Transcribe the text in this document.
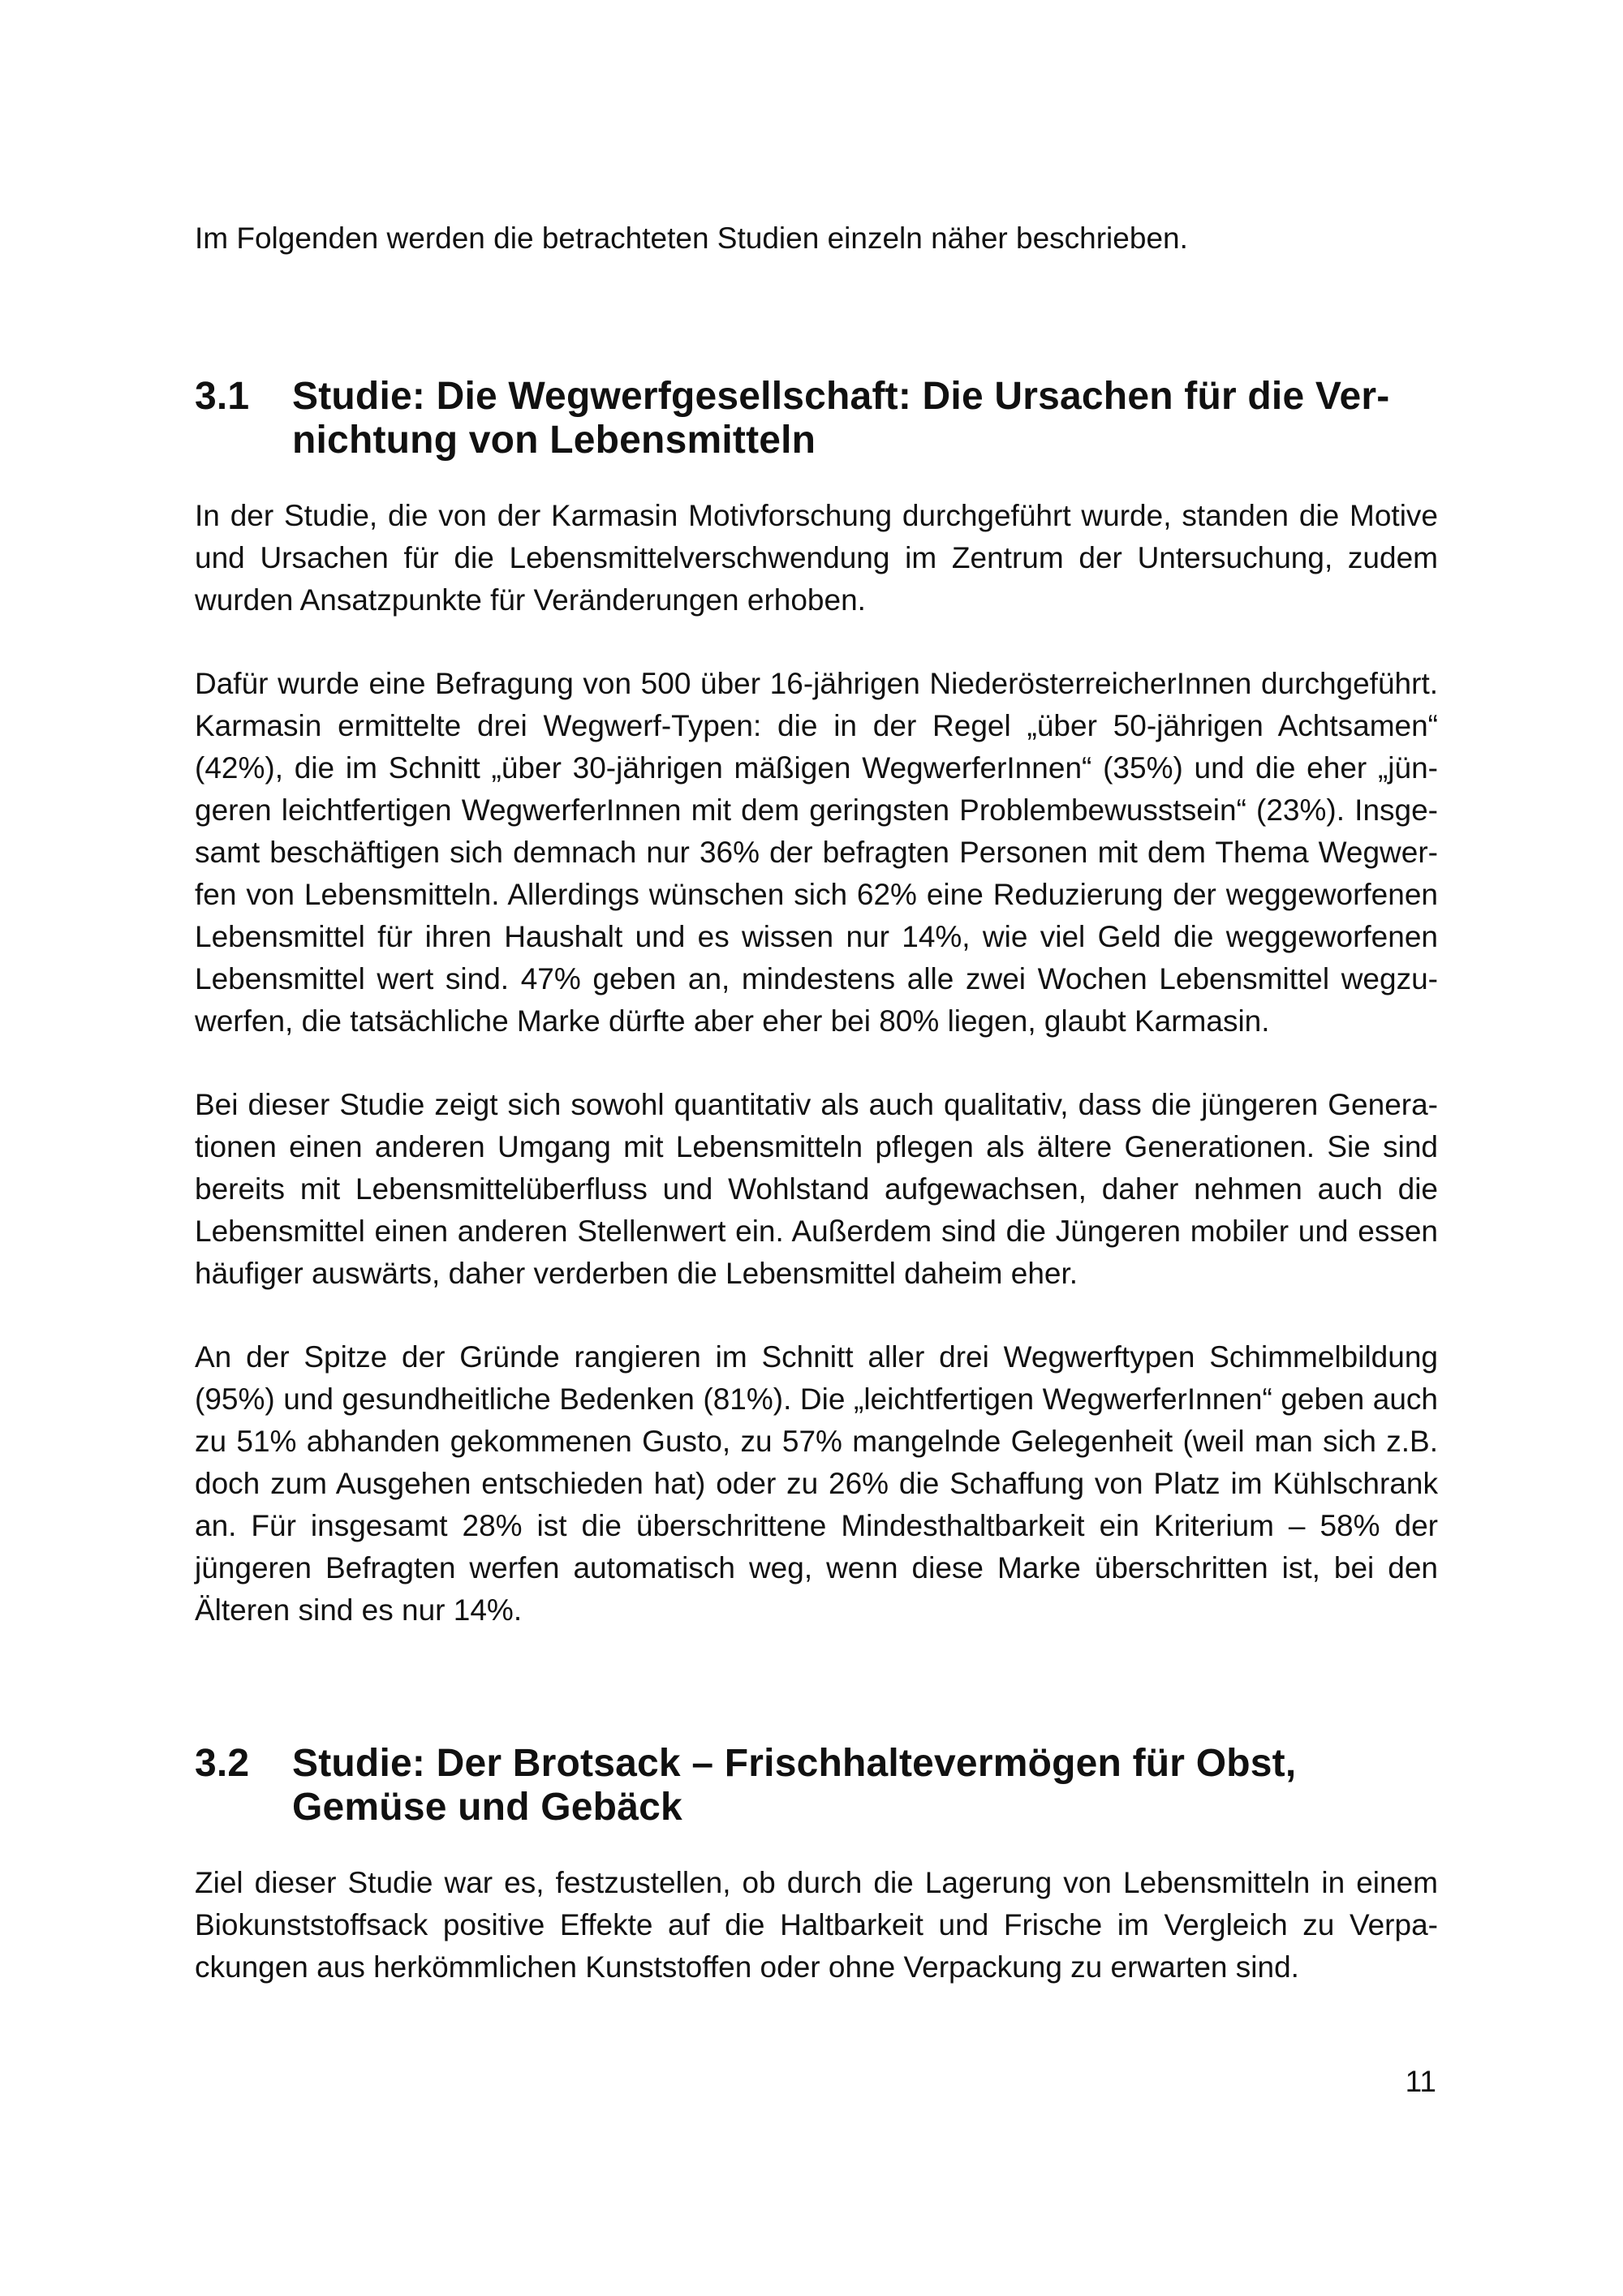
Im Folgenden werden die betrachteten Studien einzeln näher beschrieben.

3.1	Studie: Die Wegwerfgesellschaft: Die Ursachen für die Vernichtung von Lebensmitteln

In der Studie, die von der Karmasin Motivforschung durchgeführt wurde, standen die Motive und Ursachen für die Lebensmittelverschwendung im Zentrum der Untersuchung, zudem wurden Ansatzpunkte für Veränderungen erhoben.

Dafür wurde eine Befragung von 500 über 16-jährigen NiederösterreicherInnen durchgeführt. Karmasin ermittelte drei Wegwerf-Typen: die in der Regel „über 50-jährigen Achtsamen“ (42%), die im Schnitt „über 30-jährigen mäßigen WegwerferInnen“ (35%) und die eher „jüngeren leichtfertigen WegwerferInnen mit dem geringsten Problembewusstsein“ (23%). Insgesamt beschäftigen sich demnach nur 36% der befragten Personen mit dem Thema Wegwerfen von Lebensmitteln. Allerdings wünschen sich 62% eine Reduzierung der weggeworfenen Lebensmittel für ihren Haushalt und es wissen nur 14%, wie viel Geld die weggeworfenen Lebensmittel wert sind. 47% geben an, mindestens alle zwei Wochen Lebensmittel wegzuwerfen, die tatsächliche Marke dürfte aber eher bei 80% liegen, glaubt Karmasin.

Bei dieser Studie zeigt sich sowohl quantitativ als auch qualitativ, dass die jüngeren Generationen einen anderen Umgang mit Lebensmitteln pflegen als ältere Generationen. Sie sind bereits mit Lebensmittelüberfluss und Wohlstand aufgewachsen, daher nehmen auch die Lebensmittel einen anderen Stellenwert ein. Außerdem sind die Jüngeren mobiler und essen häufiger auswärts, daher verderben die Lebensmittel daheim eher.

An der Spitze der Gründe rangieren im Schnitt aller drei Wegwerftypen Schimmelbildung (95%) und gesundheitliche Bedenken (81%). Die „leichtfertigen WegwerferInnen“ geben auch zu 51% abhanden gekommenen Gusto, zu 57% mangelnde Gelegenheit (weil man sich z.B. doch zum Ausgehen entschieden hat) oder zu 26% die Schaffung von Platz im Kühlschrank an. Für insgesamt 28% ist die überschrittene Mindesthaltbarkeit ein Kriterium – 58% der jüngeren Befragten werfen automatisch weg, wenn diese Marke überschritten ist, bei den Älteren sind es nur 14%.

3.2	Studie: Der Brotsack – Frischhaltevermögen für Obst, Gemüse und Gebäck

Ziel dieser Studie war es, festzustellen, ob durch die Lagerung von Lebensmitteln in einem Biokunststoffsack positive Effekte auf die Haltbarkeit und Frische im Vergleich zu Verpackungen aus herkömmlichen Kunststoffen oder ohne Verpackung zu erwarten sind.

11
